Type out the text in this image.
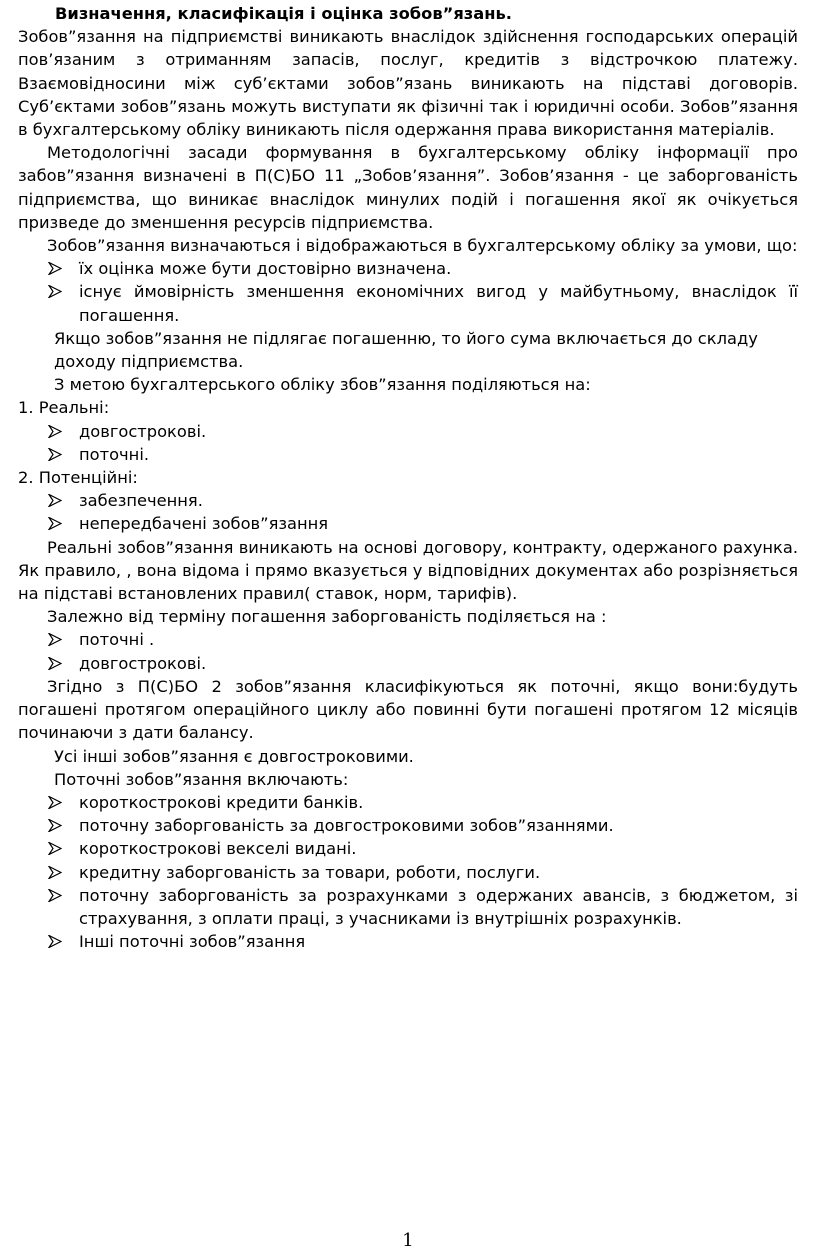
Визначення, класифікація і оцінка зобов”язань.
Зобов”язання на підприємстві виникають внаслідок здійснення господарських операцій пов’язаним з отриманням запасів, послуг, кредитів з відстрочкою платежу. Взаємовідносини між суб’єктами зобов”язань виникають на підставі договорів. Суб’єктами зобов”язань можуть виступати як фізичні так і юридичні особи. Зобов”язання в бухгалтерському обліку виникають після одержання права використання матеріалів.
Методологічні засади формування в бухгалтерському обліку інформації про забов”язання визначені в П(С)БО 11 „Зобов’язання”. Зобов’язання - це заборгованість підприємства, що виникає внаслідок минулих подій і погашення якої як очікується призведе до зменшення ресурсів підприємства.
Зобов”язання визначаються і відображаються в бухгалтерському обліку за умови, що:
їх оцінка може бути достовірно визначена.
існує ймовірність зменшення економічних вигод у майбутньому, внаслідок її погашення.
Якщо зобов”язання не підлягає погашенню, то його сума включається до складу доходу підприємства.
З метою бухгалтерського обліку збов”язання поділяються на:
1. Реальні:
довгострокові.
поточні.
2. Потенційні:
забезпечення.
непередбачені зобов”язання
Реальні зобов”язання виникають на основі договору, контракту, одержаного рахунка. Як правило, , вона відома і прямо вказується у відповідних документах або розрізняється на підставі встановлених правил( ставок, норм, тарифів).
Залежно від терміну погашення заборгованість поділяється на :
поточні .
довгострокові.
Згідно з П(С)БО 2 зобов”язання класифікуються як поточні, якщо вони:будуть погашені протягом операційного циклу або повинні бути погашені протягом 12 місяців починаючи з дати балансу.
Усі інші зобов”язання є довгостроковими.
Поточні зобов”язання включають:
короткострокові кредити банків.
поточну заборгованість за довгостроковими зобов”язаннями.
короткострокові векселі видані.
кредитну заборгованість за товари, роботи, послуги.
поточну заборгованість за розрахунками з одержаних авансів, з бюджетом, зі страхування, з оплати праці, з учасниками із внутрішніх розрахунків.
Інші поточні зобов”язання
1
